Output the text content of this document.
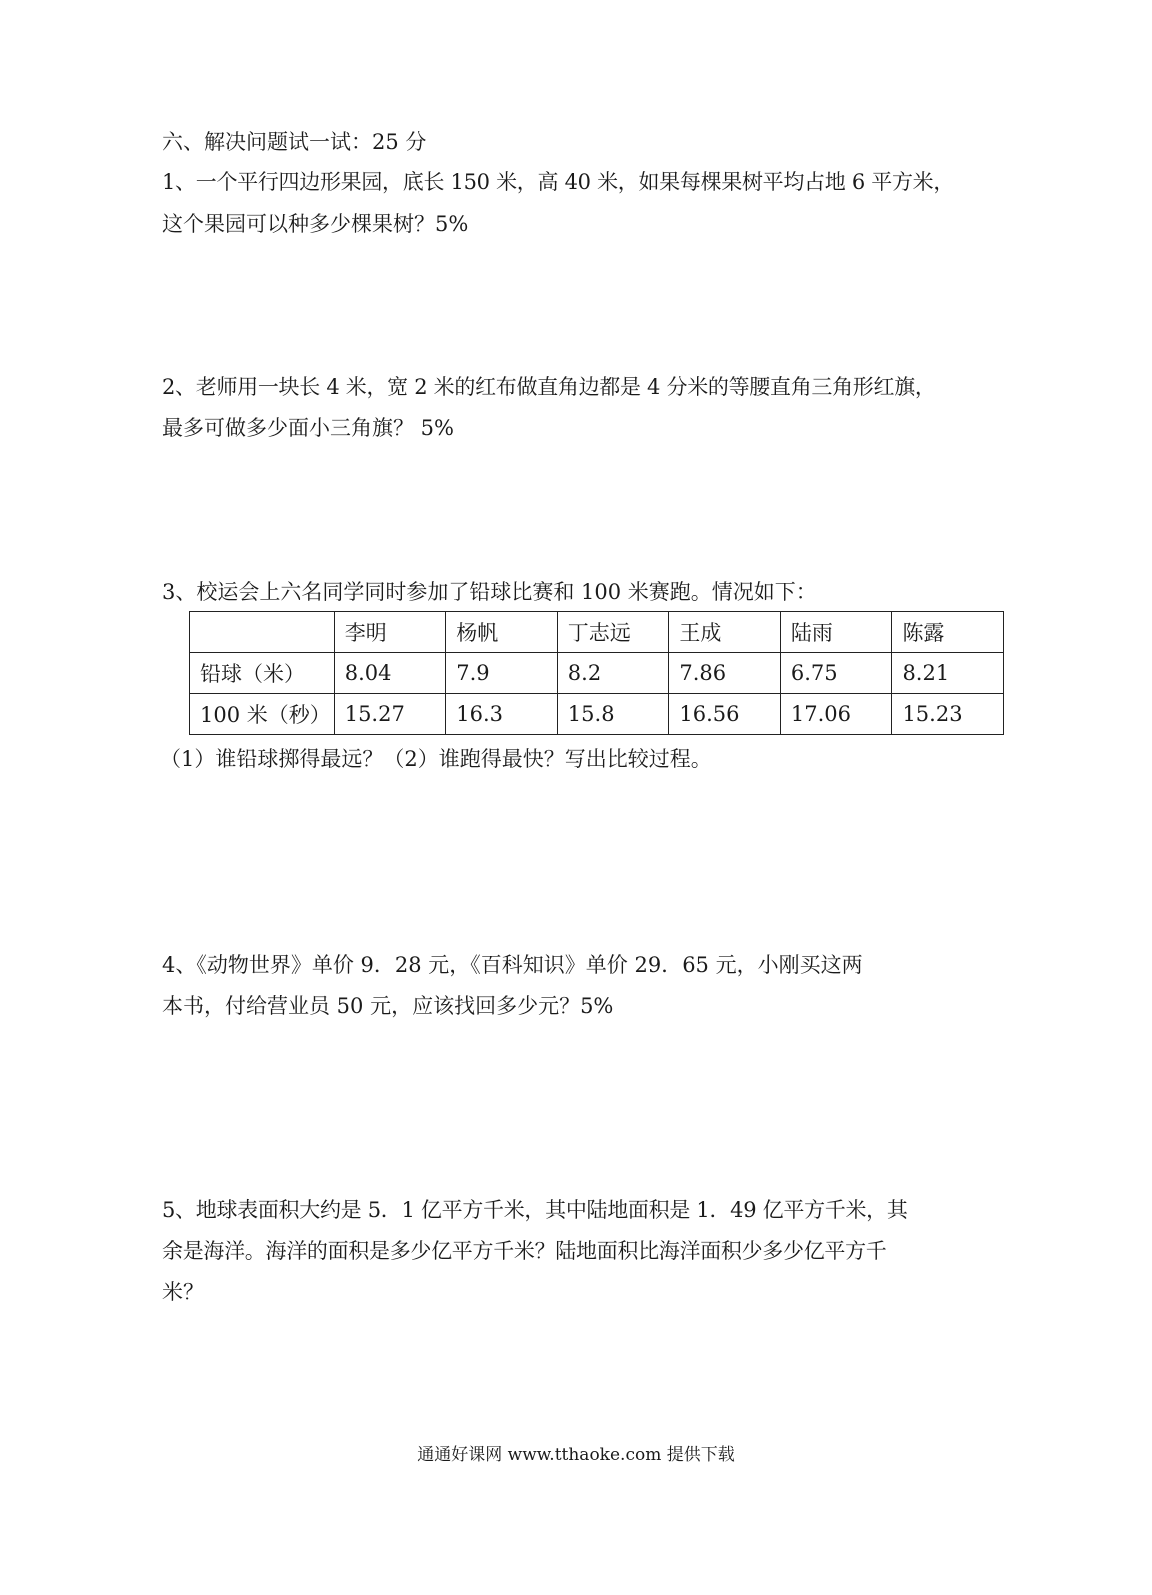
六、解决问题试一试：25 分
1、一个平行四边形果园，底长 150 米，高 40 米，如果每棵果树平均占地 6 平方米，
这个果园可以种多少棵果树？5%
2、老师用一块长 4 米，宽 2 米的红布做直角边都是 4 分米的等腰直角三角形红旗，
最多可做多少面小三角旗？ 5%
3、校运会上六名同学同时参加了铅球比赛和 100 米赛跑。情况如下：
	李明	杨帆	丁志远	王成	陆雨	陈露
铅球（米）	8.04	7.9	8.2	7.86	6.75	8.21
100 米（秒）	15.27	16.3	15.8	16.56	17.06	15.23
（1）谁铅球掷得最远？（2）谁跑得最快？写出比较过程。
4、《动物世界》单价 9．28 元，《百科知识》单价 29．65 元，小刚买这两
本书，付给营业员 50 元，应该找回多少元？5%
5、地球表面积大约是 5．1 亿平方千米，其中陆地面积是 1．49 亿平方千米，其
余是海洋。海洋的面积是多少亿平方千米？陆地面积比海洋面积少多少亿平方千
米？
通通好课网 www.tthaoke.com 提供下载
